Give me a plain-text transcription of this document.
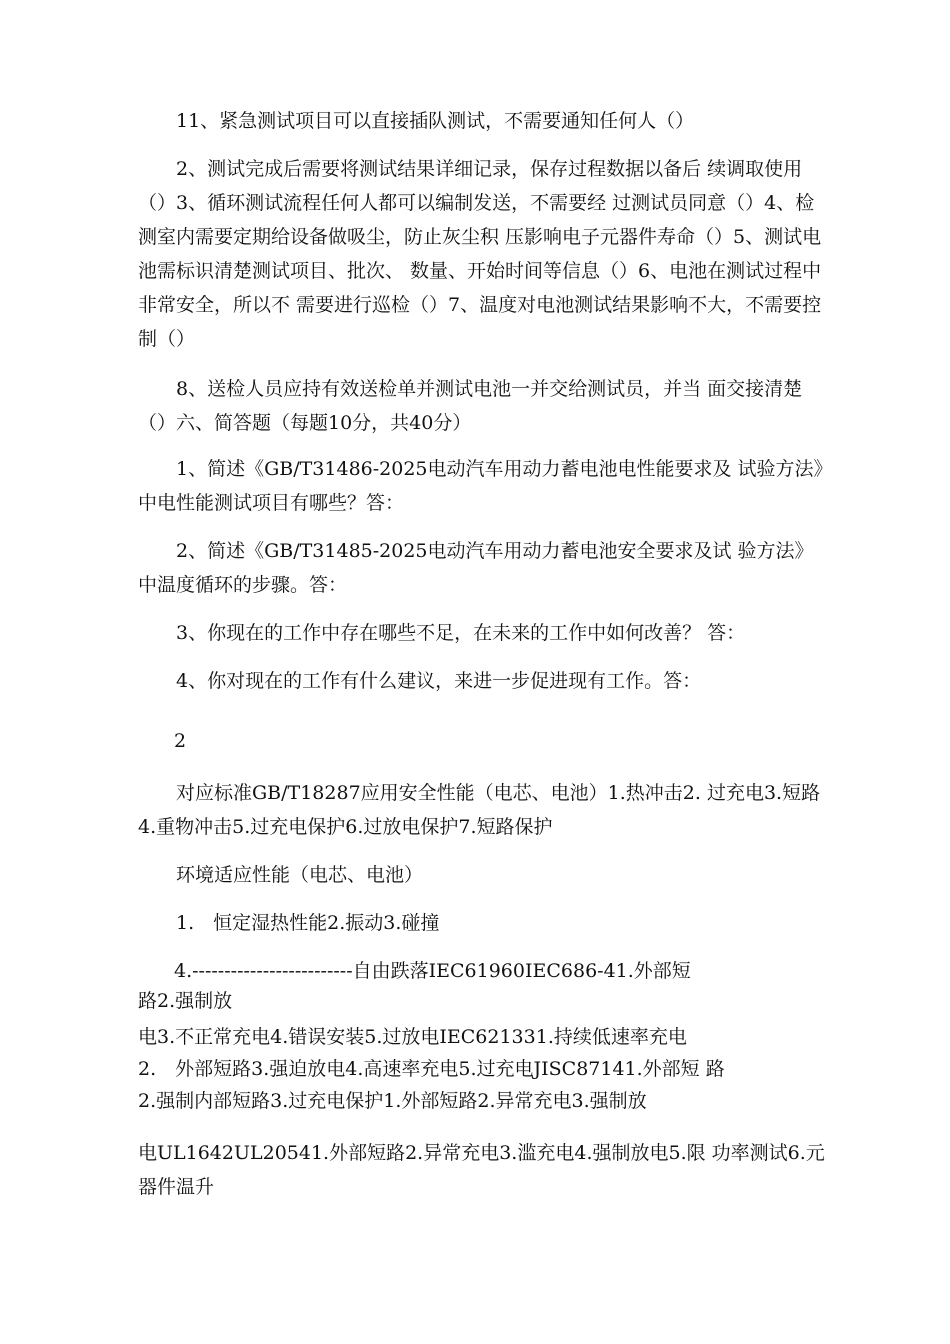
11、紧急测试项目可以直接插队测试，不需要通知任何人（）

2、测试完成后需要将测试结果详细记录，保存过程数据以备后 续调取使用（）3、循环测试流程任何人都可以编制发送，不需要经 过测试员同意（）4、检测室内需要定期给设备做吸尘，防止灰尘积 压影响电子元器件寿命（）5、测试电池需标识清楚测试项目、批次、 数量、开始时间等信息（）6、电池在测试过程中非常安全，所以不 需要进行巡检（）7、温度对电池测试结果影响不大，不需要控制（）

8、送检人员应持有效送检单并测试电池一并交给测试员，并当 面交接清楚（）六、简答题（每题10分，共40分）

1、简述《GB/T31486-2025电动汽车用动力蓄电池电性能要求及 试验方法》中电性能测试项目有哪些？答：

2、简述《GB/T31485-2025电动汽车用动力蓄电池安全要求及试 验方法》中温度循环的步骤。答：

3、你现在的工作中存在哪些不足，在未来的工作中如何改善？ 答：

4、你对现在的工作有什么建议，来进一步促进现有工作。答：

2

对应标准GB/T18287应用安全性能（电芯、电池）1.热冲击2. 过充电3.短路4.重物冲击5.过充电保护6.过放电保护7.短路保护

环境适应性能（电芯、电池）

1.　恒定湿热性能2.振动3.碰撞

4.-------------------------自由跌落IEC61960IEC686-41.外部短

路2.强制放

电3.不正常充电4.错误安装5.过放电IEC621331.持续低速率充电

2.　外部短路3.强迫放电4.高速率充电5.过充电JISC87141.外部短 路

2.强制内部短路3.过充电保护1.外部短路2.异常充电3.强制放

电UL1642UL20541.外部短路2.异常充电3.滥充电4.强制放电5.限 功率测试6.元器件温升
